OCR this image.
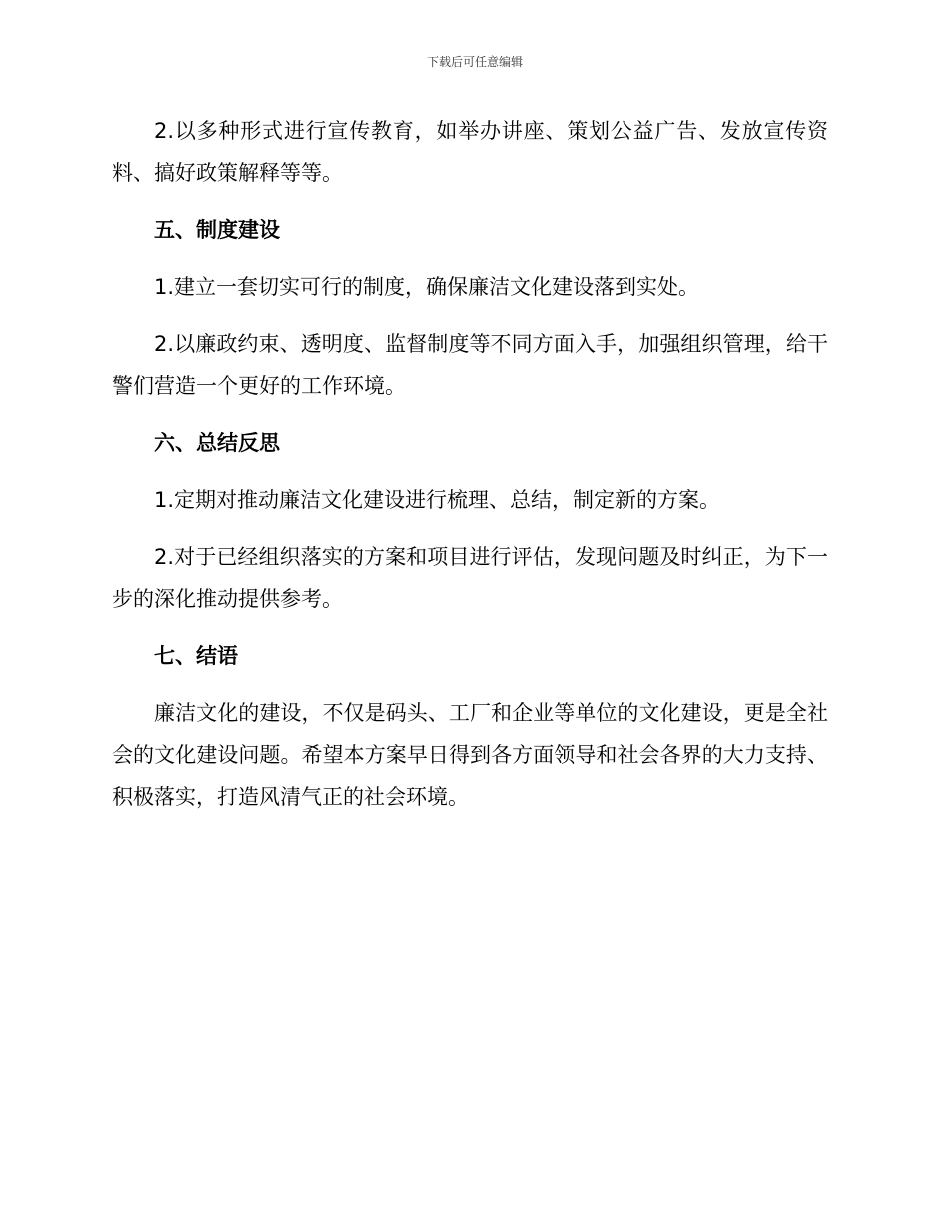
下载后可任意编辑

2.以多种形式进行宣传教育，如举办讲座、策划公益广告、发放宣传资料、搞好政策解释等等。

五、制度建设

1.建立一套切实可行的制度，确保廉洁文化建设落到实处。

2.以廉政约束、透明度、监督制度等不同方面入手，加强组织管理，给干警们营造一个更好的工作环境。

六、总结反思

1.定期对推动廉洁文化建设进行梳理、总结，制定新的方案。

2.对于已经组织落实的方案和项目进行评估，发现问题及时纠正，为下一步的深化推动提供参考。

七、结语

廉洁文化的建设，不仅是码头、工厂和企业等单位的文化建设，更是全社会的文化建设问题。希望本方案早日得到各方面领导和社会各界的大力支持、积极落实，打造风清气正的社会环境。
